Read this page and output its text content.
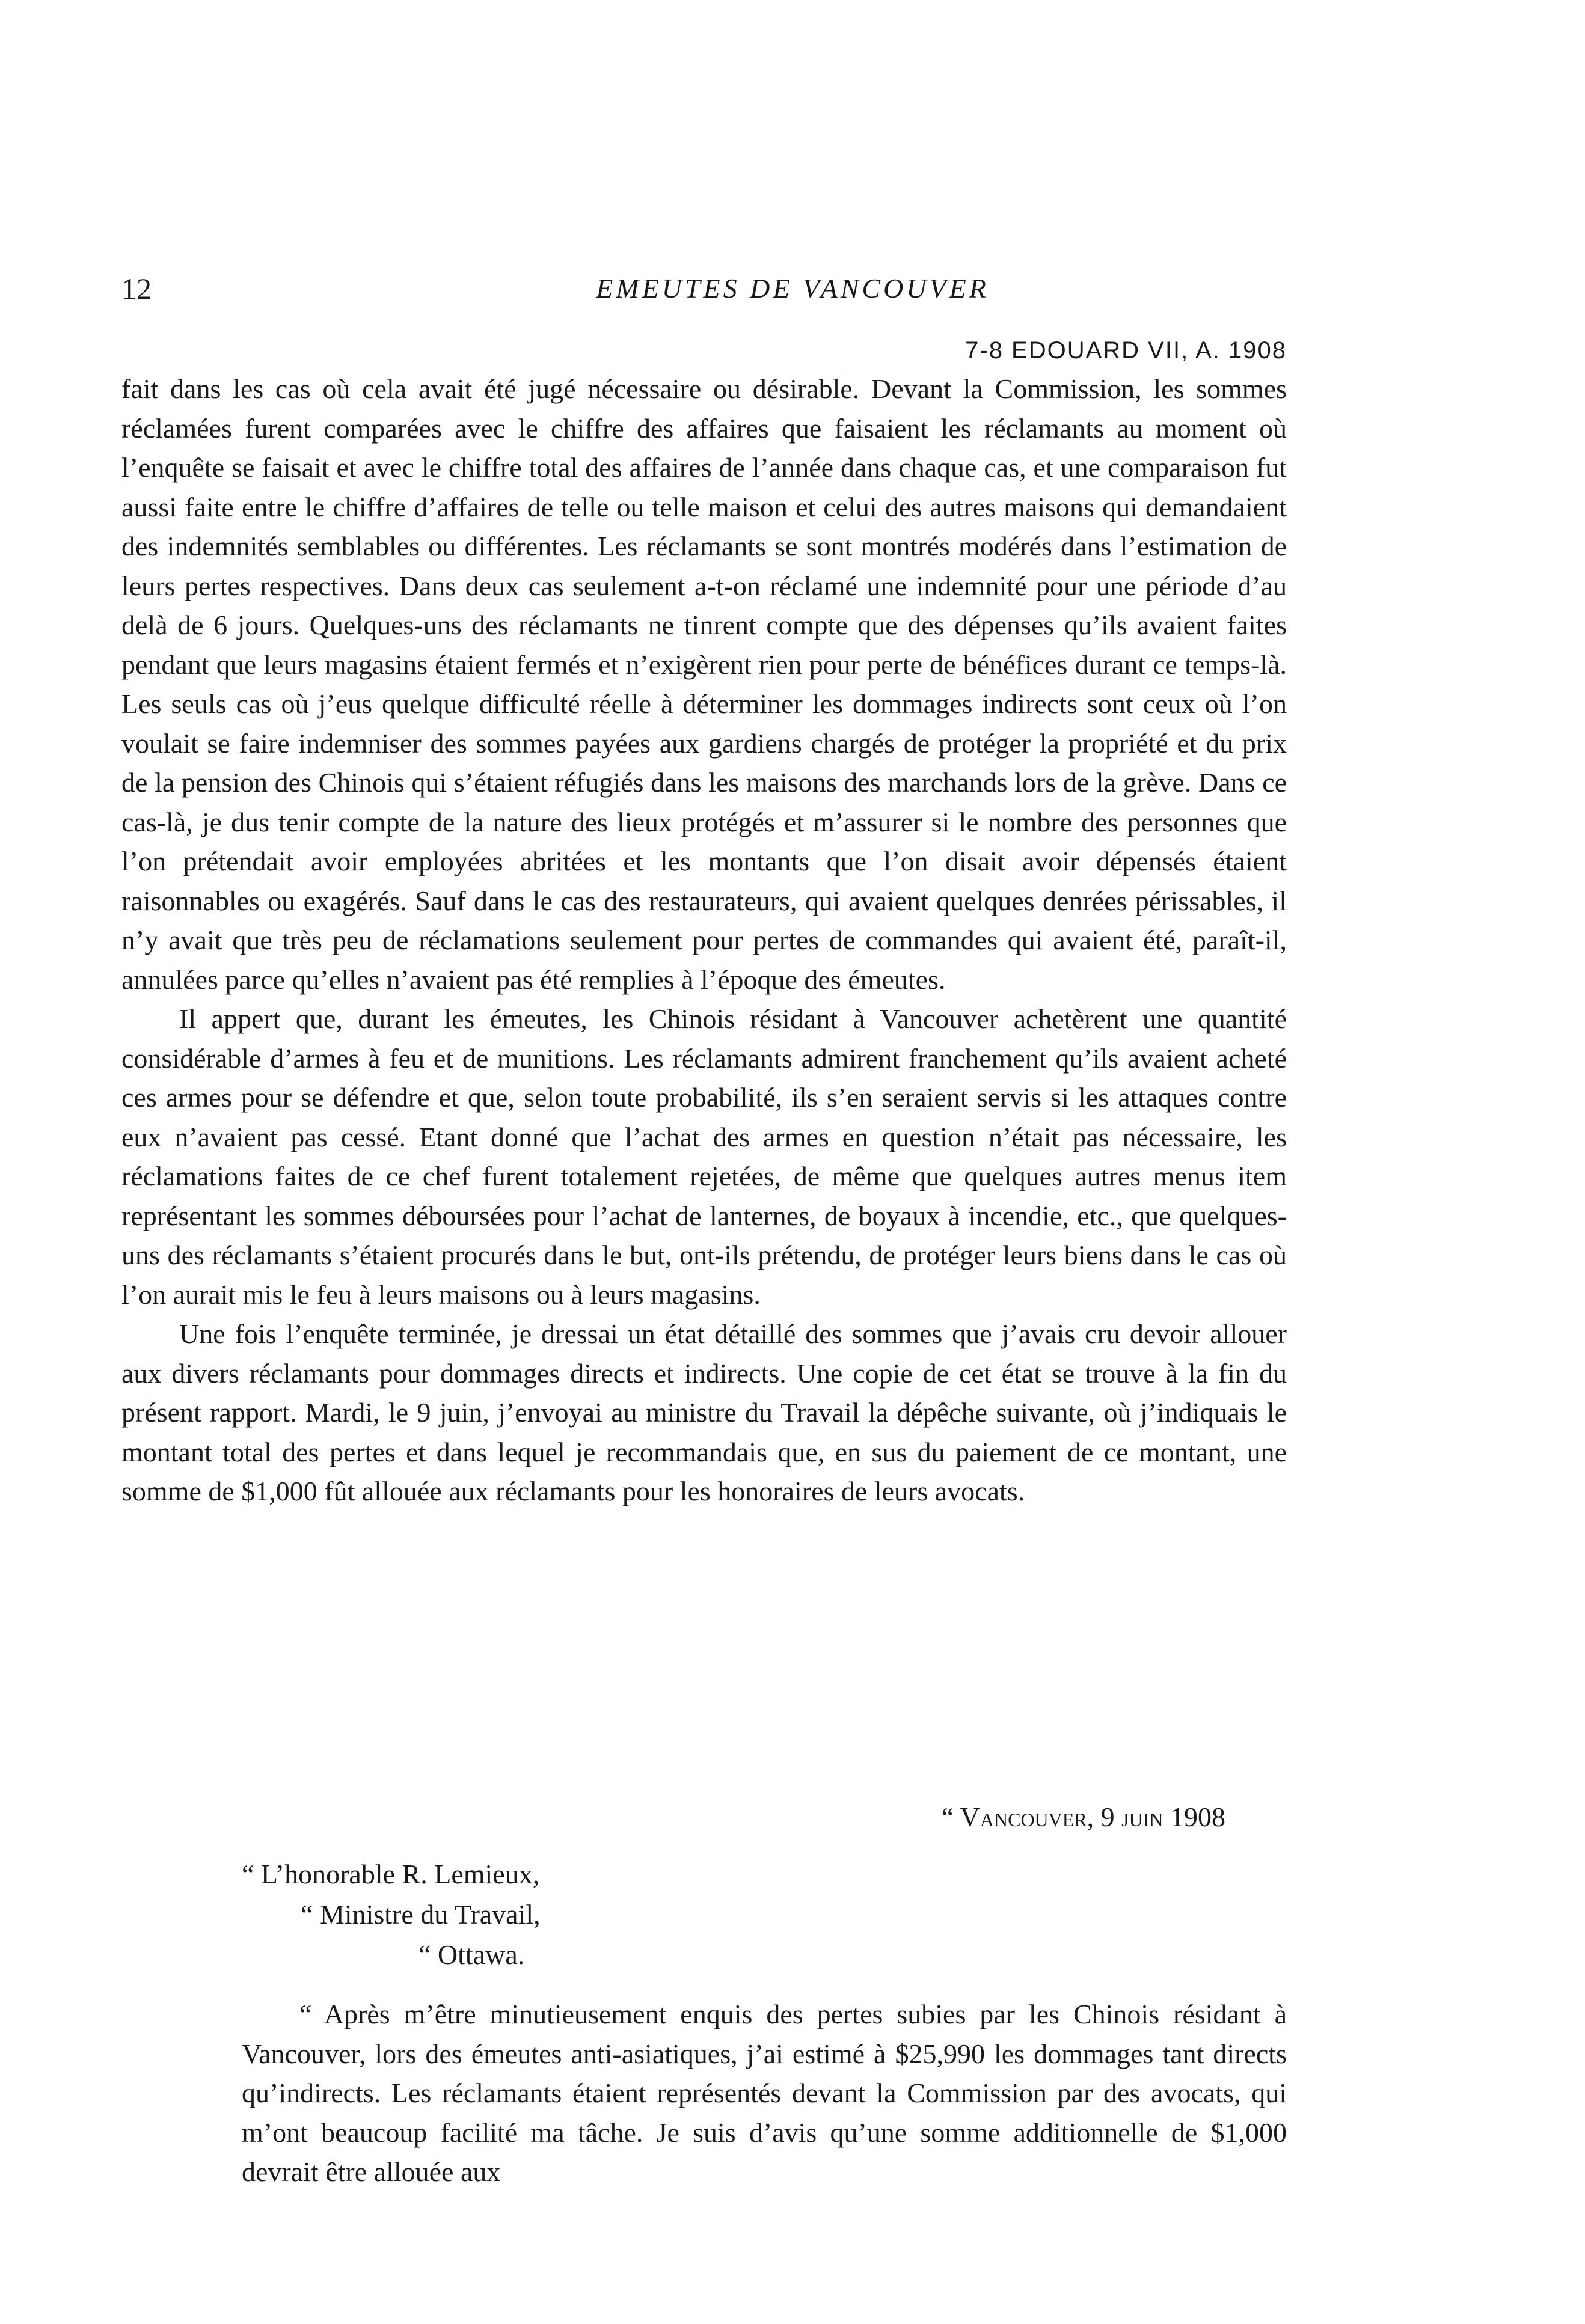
12	EMEUTES DE VANCOUVER
7-8 EDOUARD VII, A. 1908

fait dans les cas où cela avait été jugé nécessaire ou désirable. Devant la Commission, les sommes réclamées furent comparées avec le chiffre des affaires que faisaient les réclamants au moment où l’enquête se faisait et avec le chiffre total des affaires de l’année dans chaque cas, et une comparaison fut aussi faite entre le chiffre d’affaires de telle ou telle maison et celui des autres maisons qui demandaient des indemnités semblables ou différentes. Les réclamants se sont montrés modérés dans l’estimation de leurs pertes respectives. Dans deux cas seulement a-t-on réclamé une indemnité pour une période d’au delà de 6 jours. Quelques-uns des réclamants ne tinrent compte que des dépenses qu’ils avaient faites pendant que leurs magasins étaient fermés et n’exigèrent rien pour perte de bénéfices durant ce temps-là. Les seuls cas où j’eus quelque difficulté réelle à déterminer les dommages indirects sont ceux où l’on voulait se faire indemniser des sommes payées aux gardiens chargés de protéger la propriété et du prix de la pension des Chinois qui s’étaient réfugiés dans les maisons des marchands lors de la grève. Dans ce cas-là, je dus tenir compte de la nature des lieux protégés et m’assurer si le nombre des personnes que l’on prétendait avoir employées abritées et les montants que l’on disait avoir dépensés étaient raisonnables ou exagérés. Sauf dans le cas des restaurateurs, qui avaient quelques denrées périssables, il n’y avait que très peu de réclamations seulement pour pertes de commandes qui avaient été, paraît-il, annulées parce qu’elles n’avaient pas été remplies à l’époque des émeutes.

Il appert que, durant les émeutes, les Chinois résidant à Vancouver achetèrent une quantité considérable d’armes à feu et de munitions. Les réclamants admirent franchement qu’ils avaient acheté ces armes pour se défendre et que, selon toute probabilité, ils s’en seraient servis si les attaques contre eux n’avaient pas cessé. Etant donné que l’achat des armes en question n’était pas nécessaire, les réclamations faites de ce chef furent totalement rejetées, de même que quelques autres menus item représentant les sommes déboursées pour l’achat de lanternes, de boyaux à incendie, etc., que quelques-uns des réclamants s’étaient procurés dans le but, ont-ils prétendu, de protéger leurs biens dans le cas où l’on aurait mis le feu à leurs maisons ou à leurs magasins.

Une fois l’enquête terminée, je dressai un état détaillé des sommes que j’avais cru devoir allouer aux divers réclamants pour dommages directs et indirects. Une copie de cet état se trouve à la fin du présent rapport. Mardi, le 9 juin, j’envoyai au ministre du Travail la dépêche suivante, où j’indiquais le montant total des pertes et dans lequel je recommandais que, en sus du paiement de ce montant, une somme de $1,000 fût allouée aux réclamants pour les honoraires de leurs avocats.

“ Vancouver, 9 juin 1908
“ L’honorable R. Lemieux,
“ Ministre du Travail,
“ Ottawa.
“ Après m’être minutieusement enquis des pertes subies par les Chinois résidant à Vancouver, lors des émeutes anti-asiatiques, j’ai estimé à $25,990 les dommages tant directs qu’indirects. Les réclamants étaient représentés devant la Commission par des avocats, qui m’ont beaucoup facilité ma tâche. Je suis d’avis qu’une somme additionnelle de $1,000 devrait être allouée aux
